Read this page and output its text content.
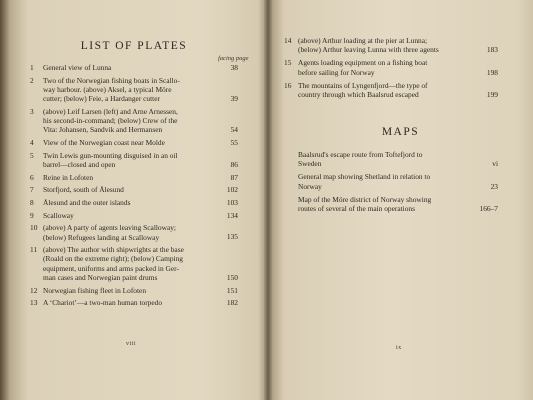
LIST OF PLATES
facing page
1	General view of Lunna	38
2	Two of the Norwegian fishing boats in Scallo-
way harbour. (above) Aksel, a typical Möre
cutter; (below) Feie, a Hardanger cutter	39
3	(above) Leif Larsen (left) and Arne Arnessen,
his second-in-command; (below) Crew of the
Vita: Johansen, Sandvik and Hermansen	54
4	View of the Norwegian coast near Molde	55
5	Twin Lewis gun-mounting disguised in an oil
barrel—closed and open	86
6	Reine in Lofoten	87
7	Storfjord, south of Ålesund	102
8	Ålesund and the outer islands	103
9	Scalloway	134
10 (above) A party of agents leaving Scalloway;
(below) Refugees landing at Scalloway	135
11 (above) The author with shipwrights at the base
(Roald on the extreme right); (below) Camping
equipment, uniforms and arms packed in Ger-
man cases and Norwegian paint drums	150
12 Norwegian fishing fleet in Lofoten	151
13 A ‘Chariot’—a two-man human torpedo	182
viii
14 (above) Arthur loading at the pier at Lunna;
(below) Arthur leaving Lunna with three agents	183
15 Agents loading equipment on a fishing boat
before sailing for Norway	198
16 The mountains of Lyngenfjord—the type of
country through which Baalsrud escaped	199
MAPS
Baalsrud's escape route from Toftefjord to
Sweden	vi
General map showing Shetland in relation to
Norway	23
Map of the Möre district of Norway showing
routes of several of the main operations	166–7
ix
